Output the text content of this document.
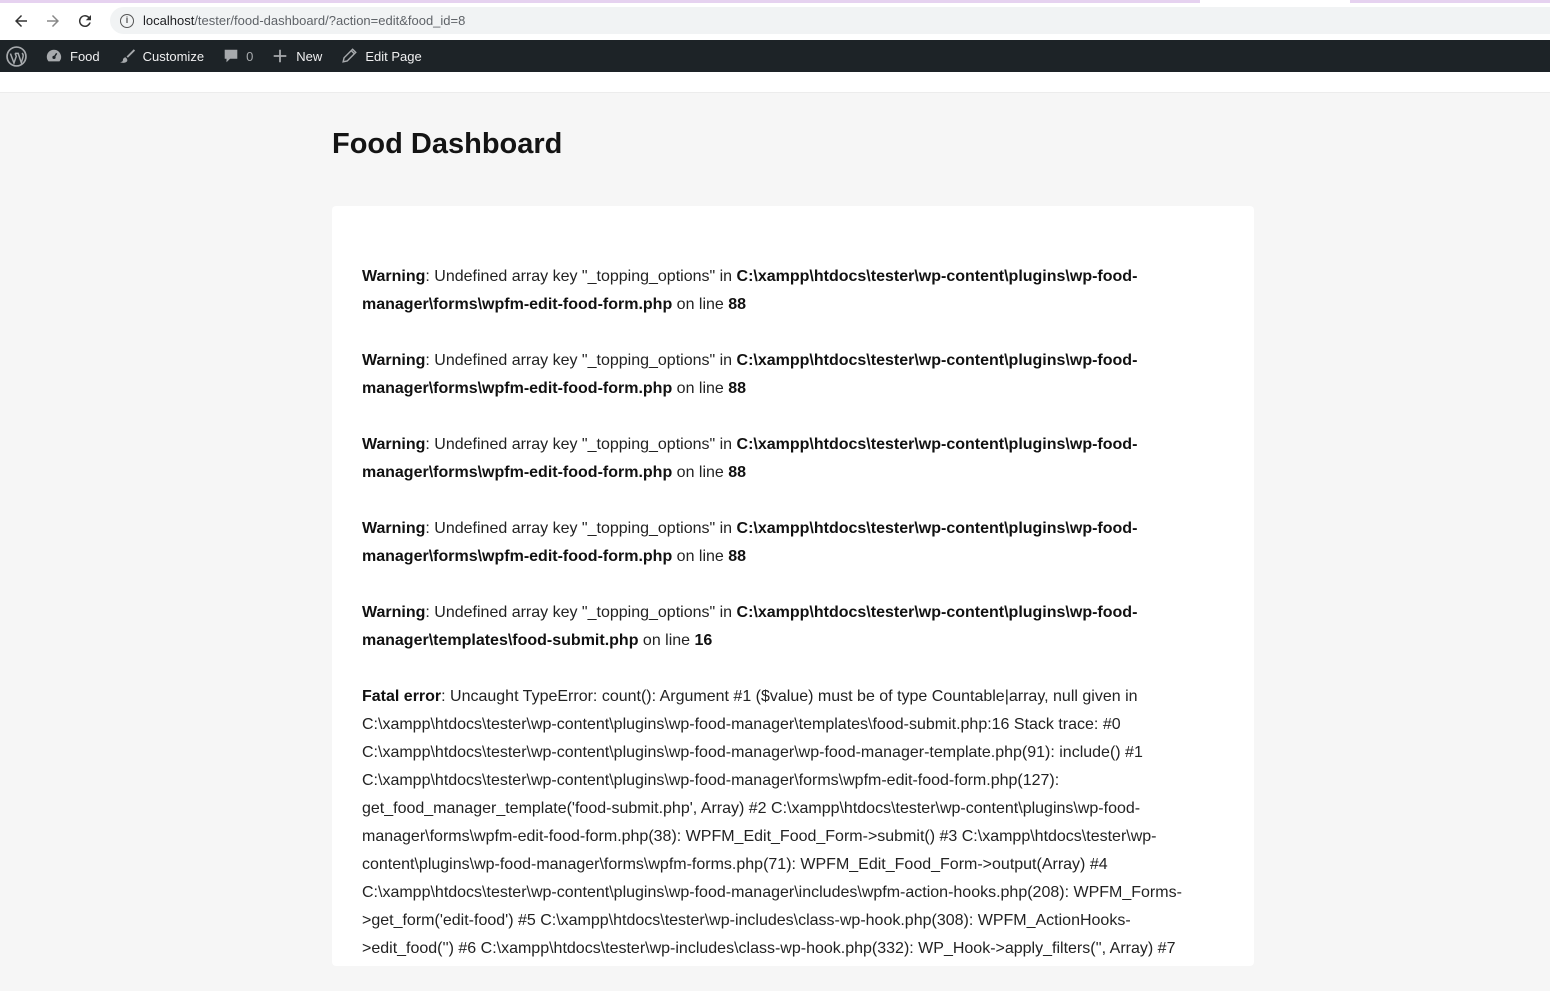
i	localhost/tester/food-dashboard/?action=edit&food_id=8
Food	Customize	0	New	Edit Page
Food Dashboard

Warning: Undefined array key "_topping_options" in C:\xampp\htdocs\tester\wp-content\plugins\wp-food-manager\forms\wpfm-edit-food-form.php on line 88

Warning: Undefined array key "_topping_options" in C:\xampp\htdocs\tester\wp-content\plugins\wp-food-manager\forms\wpfm-edit-food-form.php on line 88

Warning: Undefined array key "_topping_options" in C:\xampp\htdocs\tester\wp-content\plugins\wp-food-manager\forms\wpfm-edit-food-form.php on line 88

Warning: Undefined array key "_topping_options" in C:\xampp\htdocs\tester\wp-content\plugins\wp-food-manager\forms\wpfm-edit-food-form.php on line 88

Warning: Undefined array key "_topping_options" in C:\xampp\htdocs\tester\wp-content\plugins\wp-food-manager\templates\food-submit.php on line 16

Fatal error: Uncaught TypeError: count(): Argument #1 ($value) must be of type Countable|array, null given in C:\xampp\htdocs\tester\wp-content\plugins\wp-food-manager\templates\food-submit.php:16 Stack trace: #0 C:\xampp\htdocs\tester\wp-content\plugins\wp-food-manager\wp-food-manager-template.php(91): include() #1 C:\xampp\htdocs\tester\wp-content\plugins\wp-food-manager\forms\wpfm-edit-food-form.php(127): get_food_manager_template('food-submit.php', Array) #2 C:\xampp\htdocs\tester\wp-content\plugins\wp-food-manager\forms\wpfm-edit-food-form.php(38): WPFM_Edit_Food_Form->submit() #3 C:\xampp\htdocs\tester\wp-content\plugins\wp-food-manager\forms\wpfm-forms.php(71): WPFM_Edit_Food_Form->output(Array) #4 C:\xampp\htdocs\tester\wp-content\plugins\wp-food-manager\includes\wpfm-action-hooks.php(208): WPFM_Forms->get_form('edit-food') #5 C:\xampp\htdocs\tester\wp-includes\class-wp-hook.php(308): WPFM_ActionHooks->edit_food('') #6 C:\xampp\htdocs\tester\wp-includes\class-wp-hook.php(332): WP_Hook->apply_filters('', Array) #7
